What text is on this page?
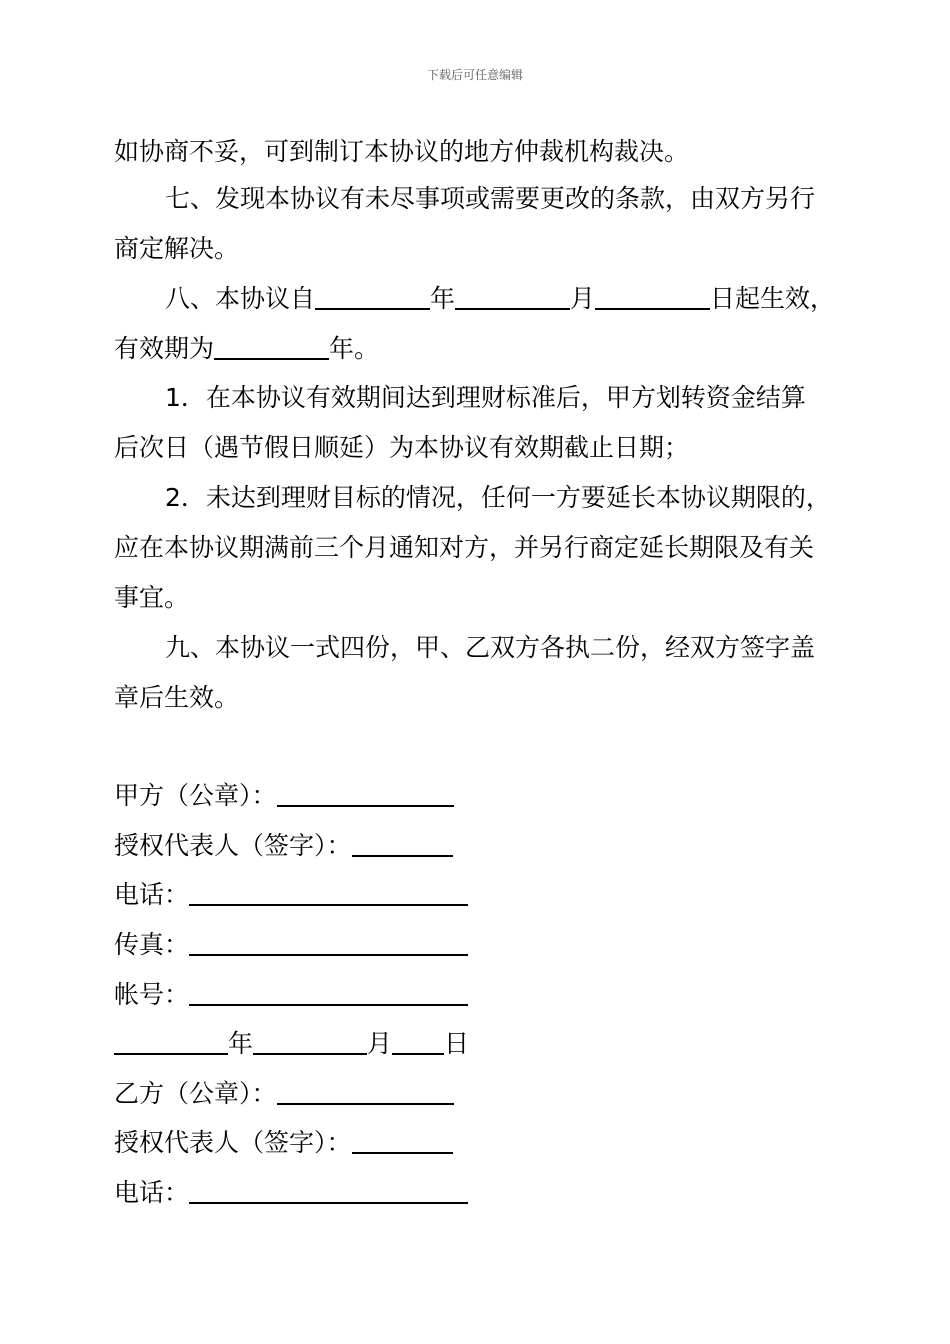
下载后可任意编辑
如协商不妥，可到制订本协议的地方仲裁机构裁决。
七、发现本协议有未尽事项或需要更改的条款，由双方另行
商定解决。
八、本协议自	年	月	日起生效，
有效期为	年。
1．在本协议有效期间达到理财标准后，甲方划转资金结算
后次日（遇节假日顺延）为本协议有效期截止日期；
2．未达到理财目标的情况，任何一方要延长本协议期限的，
应在本协议期满前三个月通知对方，并另行商定延长期限及有关
事宜。
九、本协议一式四份，甲、乙双方各执二份，经双方签字盖
章后生效。
甲方（公章）：
授权代表人（签字）：
电话：
传真：
帐号：
年	月 日
乙方（公章）：
授权代表人（签字）：
电话：
